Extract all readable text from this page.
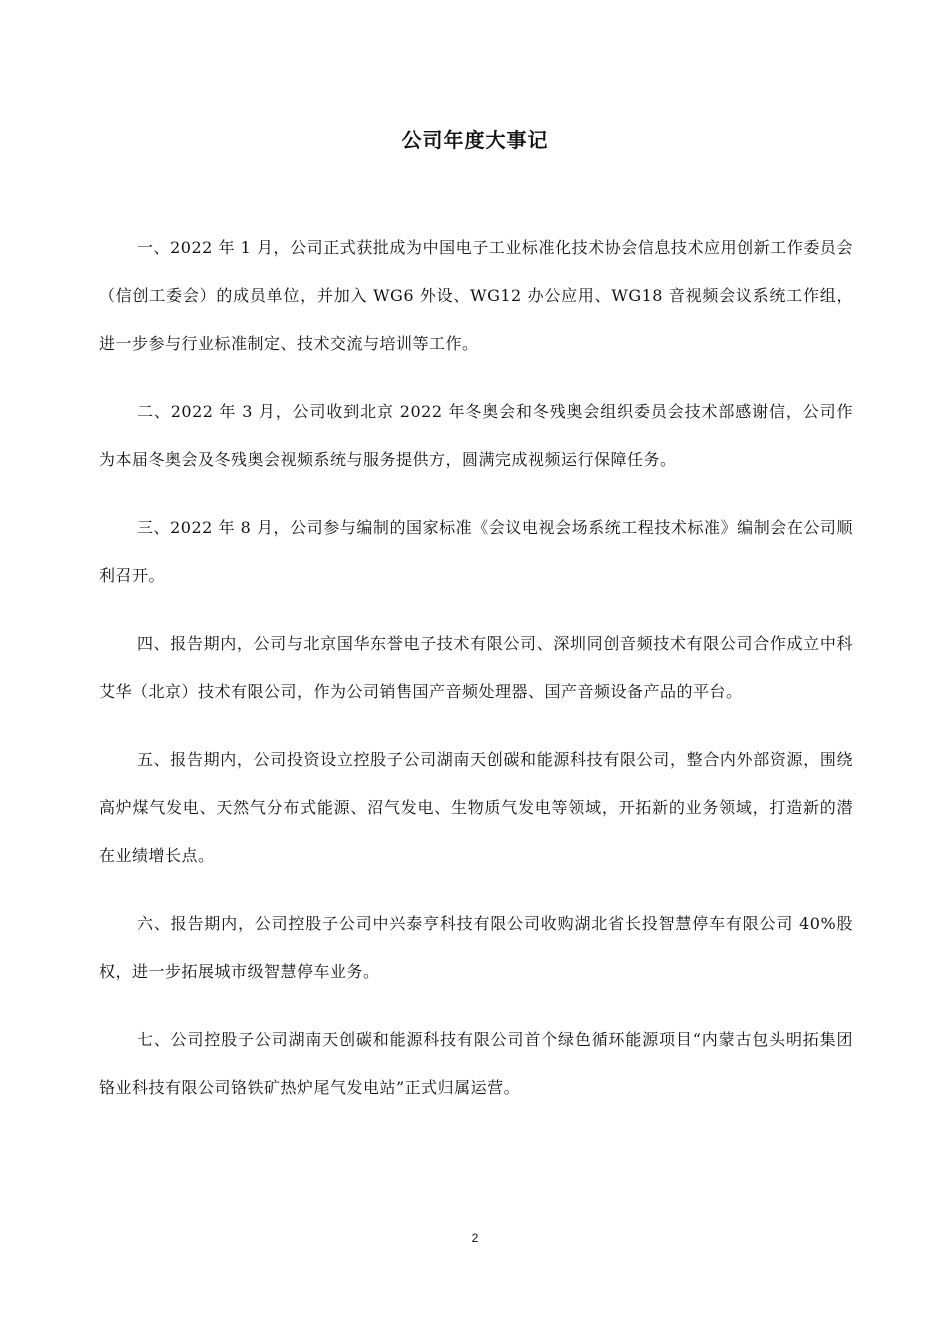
公司年度大事记

一、2022 年 1 月，公司正式获批成为中国电子工业标准化技术协会信息技术应用创新工作委员会（信创工委会）的成员单位，并加入 WG6 外设、WG12 办公应用、WG18 音视频会议系统工作组，进一步参与行业标准制定、技术交流与培训等工作。

二、2022 年 3 月，公司收到北京 2022 年冬奥会和冬残奥会组织委员会技术部感谢信，公司作为本届冬奥会及冬残奥会视频系统与服务提供方，圆满完成视频运行保障任务。

三、2022 年 8 月，公司参与编制的国家标准《会议电视会场系统工程技术标准》编制会在公司顺利召开。

四、报告期内，公司与北京国华东誉电子技术有限公司、深圳同创音频技术有限公司合作成立中科艾华（北京）技术有限公司，作为公司销售国产音频处理器、国产音频设备产品的平台。

五、报告期内，公司投资设立控股子公司湖南天创碳和能源科技有限公司，整合内外部资源，围绕高炉煤气发电、天然气分布式能源、沼气发电、生物质气发电等领域，开拓新的业务领域，打造新的潜在业绩增长点。

六、报告期内，公司控股子公司中兴泰亨科技有限公司收购湖北省长投智慧停车有限公司 40%股权，进一步拓展城市级智慧停车业务。

七、公司控股子公司湖南天创碳和能源科技有限公司首个绿色循环能源项目“内蒙古包头明拓集团铬业科技有限公司铬铁矿热炉尾气发电站”正式归属运营。

2
